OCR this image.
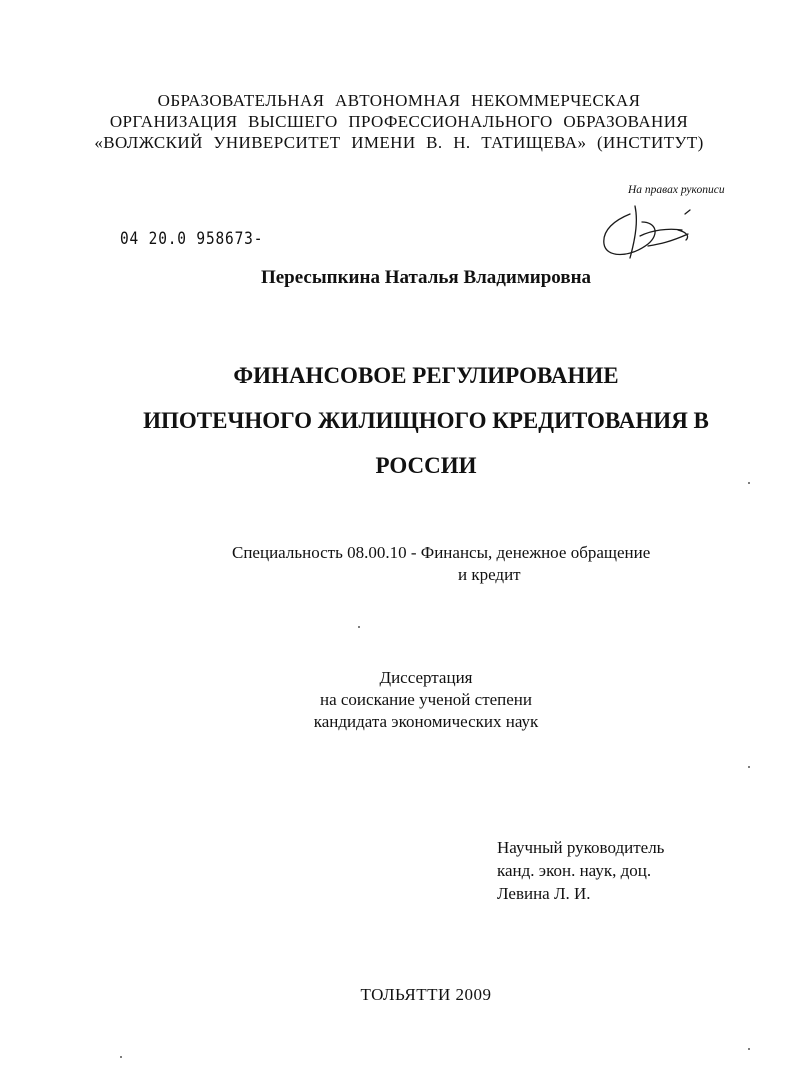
ОБРАЗОВАТЕЛЬНАЯ АВТОНОМНАЯ НЕКОММЕРЧЕСКАЯ
ОРГАНИЗАЦИЯ ВЫСШЕГО ПРОФЕССИОНАЛЬНОГО ОБРАЗОВАНИЯ
«ВОЛЖСКИЙ УНИВЕРСИТЕТ ИМЕНИ В. Н. ТАТИЩЕВА» (ИНСТИТУТ)
На правах рукописи
04 20.0 958673-
Пересыпкина Наталья Владимировна
ФИНАНСОВОЕ РЕГУЛИРОВАНИЕ
ИПОТЕЧНОГО ЖИЛИЩНОГО КРЕДИТОВАНИЯ В
РОССИИ
Специальность 08.00.10 - Финансы, денежное обращение
и кредит
Диссертация
на соискание ученой степени
кандидата экономических наук
Научный руководитель
канд. экон. наук, доц.
Левина Л. И.
ТОЛЬЯТТИ 2009
